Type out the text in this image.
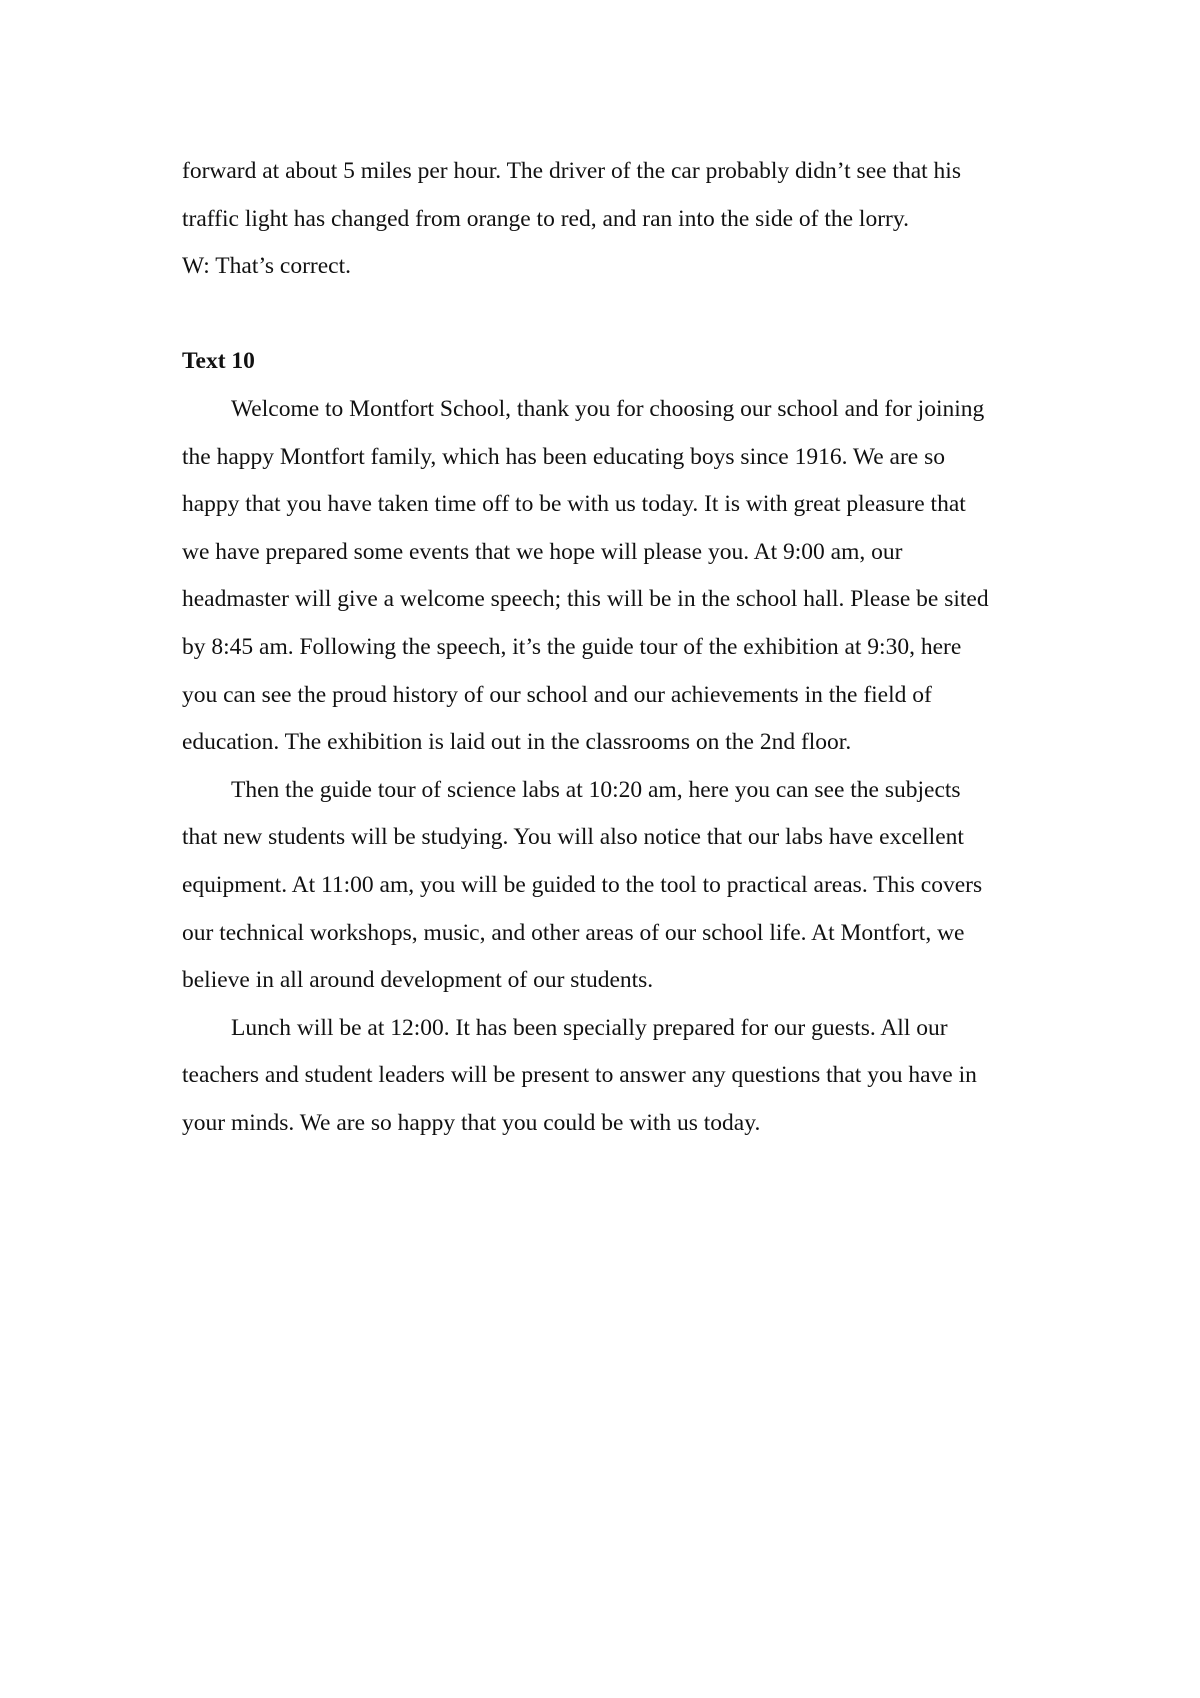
forward at about 5 miles per hour. The driver of the car probably didn’t see that his
traffic light has changed from orange to red, and ran into the side of the lorry.
W: That’s correct.

Text 10

Welcome to Montfort School, thank you for choosing our school and for joining
the happy Montfort family, which has been educating boys since 1916. We are so
happy that you have taken time off to be with us today. It is with great pleasure that
we have prepared some events that we hope will please you. At 9:00 am, our
headmaster will give a welcome speech; this will be in the school hall. Please be sited
by 8:45 am. Following the speech, it’s the guide tour of the exhibition at 9:30, here
you can see the proud history of our school and our achievements in the field of
education. The exhibition is laid out in the classrooms on the 2nd floor.

Then the guide tour of science labs at 10:20 am, here you can see the subjects
that new students will be studying. You will also notice that our labs have excellent
equipment. At 11:00 am, you will be guided to the tool to practical areas. This covers
our technical workshops, music, and other areas of our school life. At Montfort, we
believe in all around development of our students.

Lunch will be at 12:00. It has been specially prepared for our guests. All our
teachers and student leaders will be present to answer any questions that you have in
your minds. We are so happy that you could be with us today.
